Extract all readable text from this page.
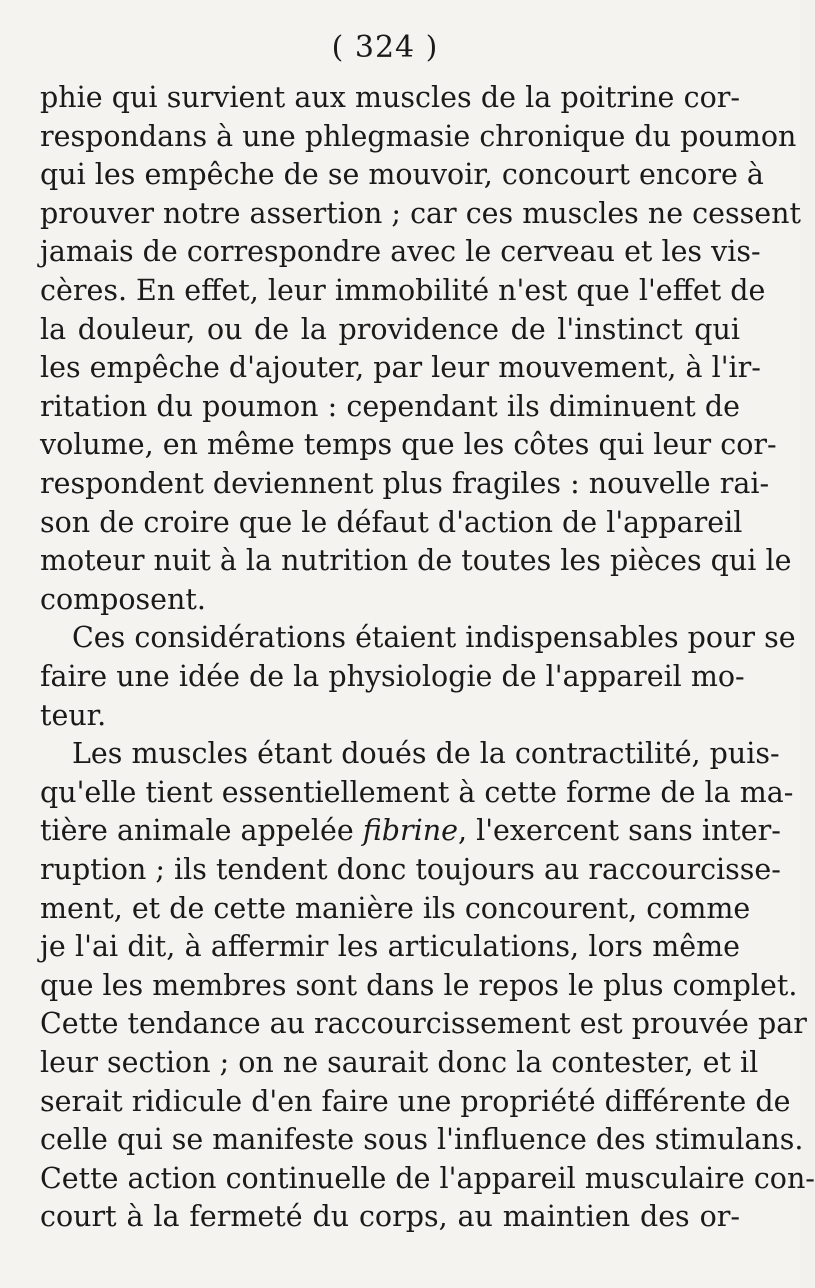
( 324 )
phie qui survient aux muscles de la poitrine cor-
respondans à une phlegmasie chronique du poumon
qui les empêche de se mouvoir, concourt encore à
prouver notre assertion ; car ces muscles ne cessent
jamais de correspondre avec le cerveau et les vis-
cères. En effet, leur immobilité n'est que l'effet de
la douleur, ou de la providence de l'instinct qui
les empêche d'ajouter, par leur mouvement, à l'ir-
ritation du poumon : cependant ils diminuent de
volume, en même temps que les côtes qui leur cor-
respondent deviennent plus fragiles : nouvelle rai-
son de croire que le défaut d'action de l'appareil
moteur nuit à la nutrition de toutes les pièces qui le
composent.
Ces considérations étaient indispensables pour se
faire une idée de la physiologie de l'appareil mo-
teur.
Les muscles étant doués de la contractilité, puis-
qu'elle tient essentiellement à cette forme de la ma-
tière animale appelée fibrine, l'exercent sans inter-
ruption ; ils tendent donc toujours au raccourcisse-
ment, et de cette manière ils concourent, comme
je l'ai dit, à affermir les articulations, lors même
que les membres sont dans le repos le plus complet.
Cette tendance au raccourcissement est prouvée par
leur section ; on ne saurait donc la contester, et il
serait ridicule d'en faire une propriété différente de
celle qui se manifeste sous l'influence des stimulans.
Cette action continuelle de l'appareil musculaire con-
court à la fermeté du corps, au maintien des or-
